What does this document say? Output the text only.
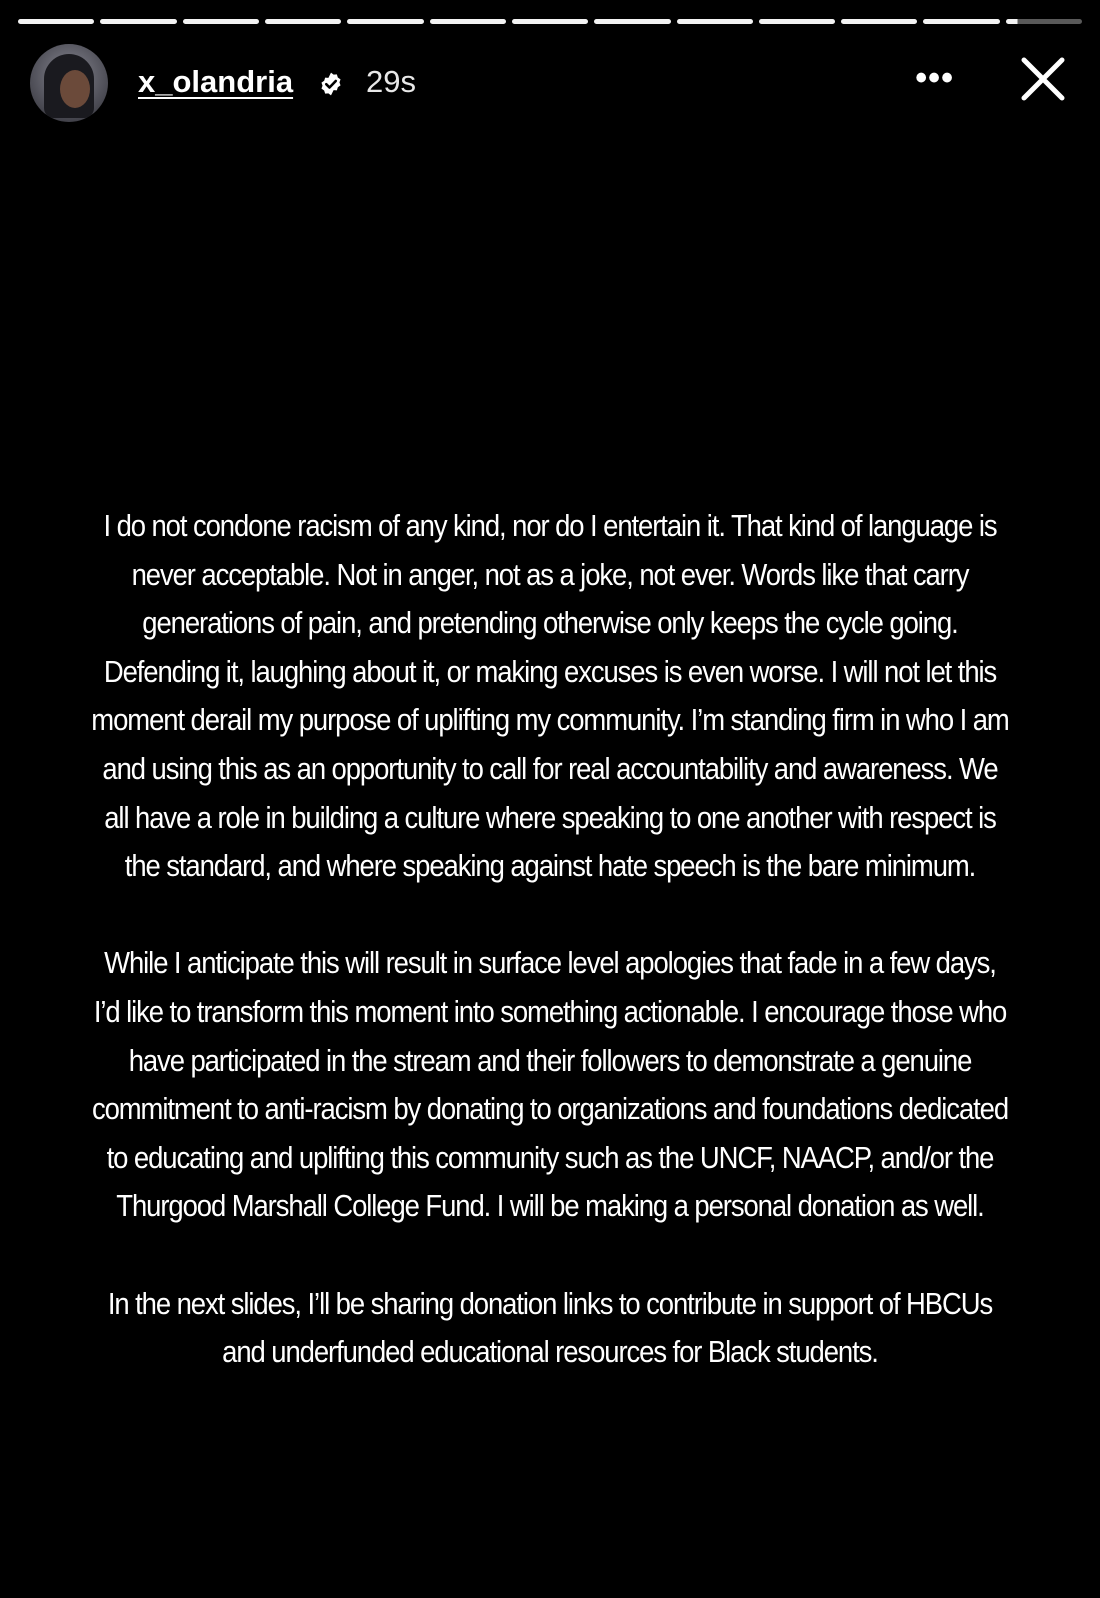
x_olandria 29s	•••

I do not condone racism of any kind, nor do I entertain it. That kind of language is never acceptable. Not in anger, not as a joke, not ever. Words like that carry generations of pain, and pretending otherwise only keeps the cycle going. Defending it, laughing about it, or making excuses is even worse. I will not let this moment derail my purpose of uplifting my community. I’m standing firm in who I am and using this as an opportunity to call for real accountability and awareness. We all have a role in building a culture where speaking to one another with respect is the standard, and where speaking against hate speech is the bare minimum.

While I anticipate this will result in surface level apologies that fade in a few days, I’d like to transform this moment into something actionable. I encourage those who have participated in the stream and their followers to demonstrate a genuine commitment to anti-racism by donating to organizations and foundations dedicated to educating and uplifting this community such as the UNCF, NAACP, and/or the Thurgood Marshall College Fund. I will be making a personal donation as well.

In the next slides, I’ll be sharing donation links to contribute in support of HBCUs and underfunded educational resources for Black students.
